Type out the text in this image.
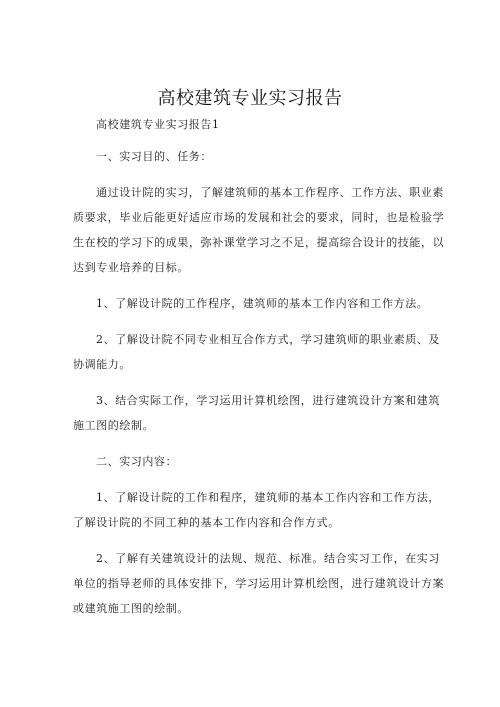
高校建筑专业实习报告
高校建筑专业实习报告1
一、实习目的、任务：
通过设计院的实习，了解建筑师的基本工作程序、工作方法、职业素
质要求，毕业后能更好适应市场的发展和社会的要求，同时，也是检验学
生在校的学习下的成果，弥补课堂学习之不足，提高综合设计的技能，以
达到专业培养的目标。
1、了解设计院的工作程序，建筑师的基本工作内容和工作方法。
2、了解设计院不同专业相互合作方式，学习建筑师的职业素质、及
协调能力。
3、结合实际工作，学习运用计算机绘图，进行建筑设计方案和建筑
施工图的绘制。
二、实习内容：
1、了解设计院的工作和程序，建筑师的基本工作内容和工作方法，
了解设计院的不同工种的基本工作内容和合作方式。
2、了解有关建筑设计的法规、规范、标准。结合实习工作，在实习
单位的指导老师的具体安排下，学习运用计算机绘图，进行建筑设计方案
或建筑施工图的绘制。
